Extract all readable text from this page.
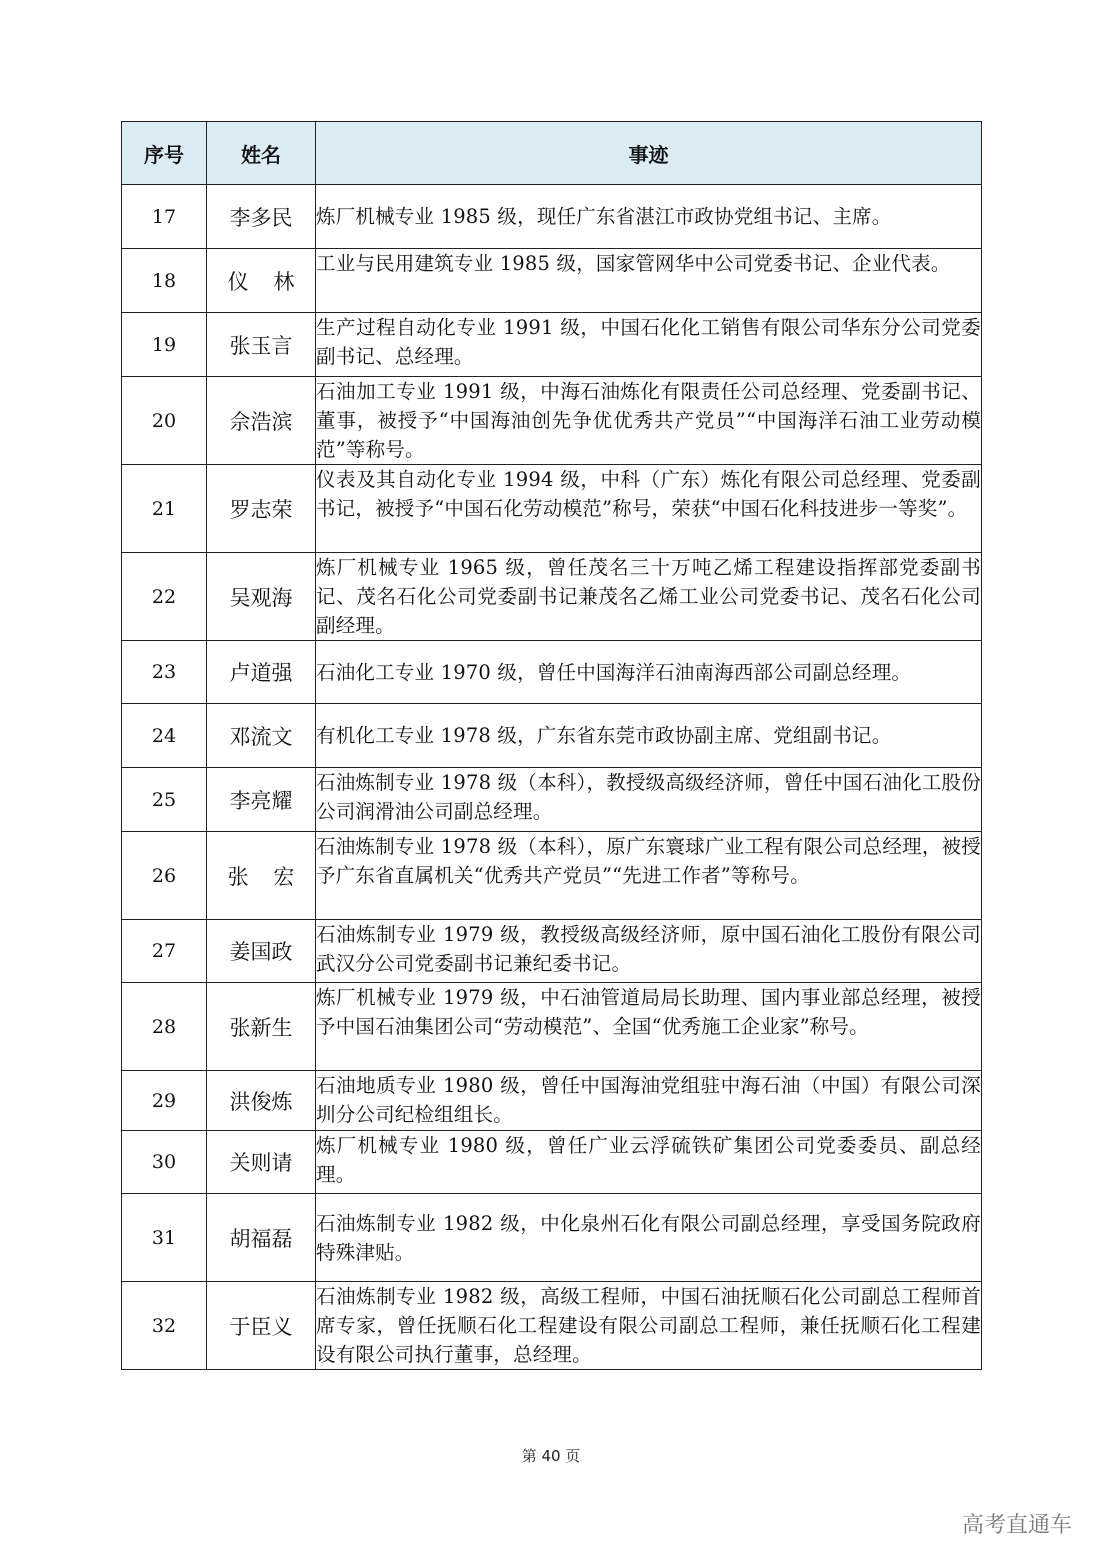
序号	姓名	事迹
17	李多民	炼厂机械专业 1985 级，现任广东省湛江市政协党组书记、主席。
18	仪 林	工业与民用建筑专业 1985 级，国家管网华中公司党委书记、企业代表。
19	张玉言	生产过程自动化专业 1991 级，中国石化化工销售有限公司华东分公司党委副书记、总经理。
20	佘浩滨	石油加工专业 1991 级，中海石油炼化有限责任公司总经理、党委副书记、董事，被授予“中国海油创先争优优秀共产党员”“中国海洋石油工业劳动模范”等称号。
21	罗志荣	仪表及其自动化专业 1994 级，中科（广东）炼化有限公司总经理、党委副书记，被授予“中国石化劳动模范”称号，荣获“中国石化科技进步一等奖”。
22	吴观海	炼厂机械专业 1965 级，曾任茂名三十万吨乙烯工程建设指挥部党委副书记、茂名石化公司党委副书记兼茂名乙烯工业公司党委书记、茂名石化公司副经理。
23	卢道强	石油化工专业 1970 级，曾任中国海洋石油南海西部公司副总经理。
24	邓流文	有机化工专业 1978 级，广东省东莞市政协副主席、党组副书记。
25	李亮耀	石油炼制专业 1978 级（本科），教授级高级经济师，曾任中国石油化工股份公司润滑油公司副总经理。
26	张 宏	石油炼制专业 1978 级（本科），原广东寰球广业工程有限公司总经理，被授予广东省直属机关“优秀共产党员”“先进工作者”等称号。
27	姜国政	石油炼制专业 1979 级，教授级高级经济师，原中国石油化工股份有限公司武汉分公司党委副书记兼纪委书记。
28	张新生	炼厂机械专业 1979 级，中石油管道局局长助理、国内事业部总经理，被授予中国石油集团公司“劳动模范”、全国“优秀施工企业家”称号。
29	洪俊炼	石油地质专业 1980 级，曾任中国海油党组驻中海石油（中国）有限公司深圳分公司纪检组组长。
30	关则请	炼厂机械专业 1980 级，曾任广业云浮硫铁矿集团公司党委委员、副总经理。
31	胡福磊	石油炼制专业 1982 级，中化泉州石化有限公司副总经理，享受国务院政府特殊津贴。
32	于臣义	石油炼制专业 1982 级，高级工程师，中国石油抚顺石化公司副总工程师首席专家，曾任抚顺石化工程建设有限公司副总工程师，兼任抚顺石化工程建设有限公司执行董事，总经理。
第 40 页
高考直通车
